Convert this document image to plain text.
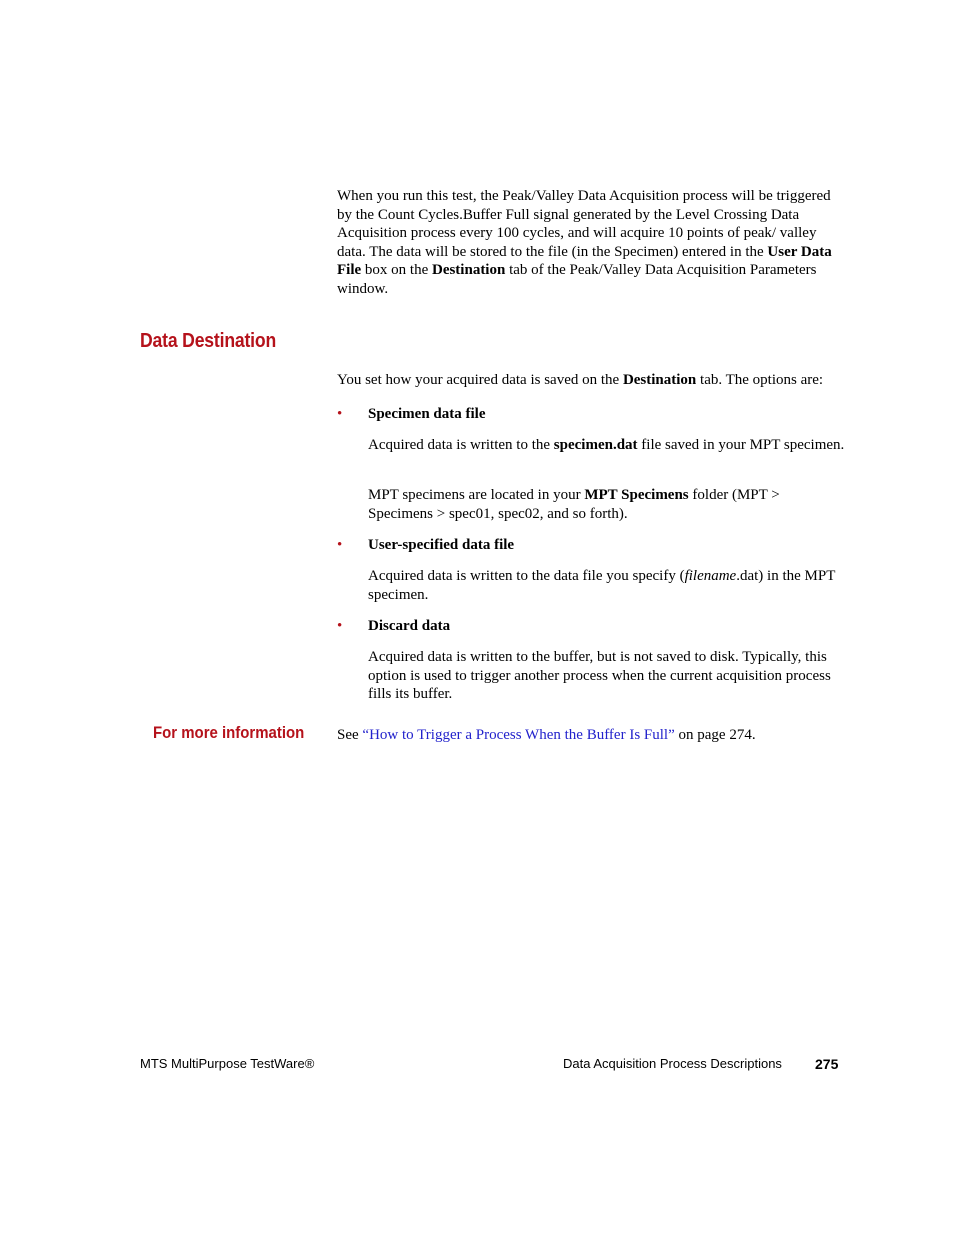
When you run this test, the Peak/Valley Data Acquisition process will be triggered by the Count Cycles.Buffer Full signal generated by the Level Crossing Data Acquisition process every 100 cycles, and will acquire 10 points of peak/ valley data. The data will be stored to the file (in the Specimen) entered in the User Data File box on the Destination tab of the Peak/Valley Data Acquisition Parameters window.

Data Destination

You set how your acquired data is saved on the Destination tab. The options are:

• Specimen data file

Acquired data is written to the specimen.dat file saved in your MPT specimen.

MPT specimens are located in your MPT Specimens folder (MPT > Specimens > spec01, spec02, and so forth).

• User-specified data file

Acquired data is written to the data file you specify (filename.dat) in the MPT specimen.

• Discard data

Acquired data is written to the buffer, but is not saved to disk. Typically, this option is used to trigger another process when the current acquisition process fills its buffer.

For more information See “How to Trigger a Process When the Buffer Is Full” on page 274.

MTS MultiPurpose TestWare®	Data Acquisition Process Descriptions 275
